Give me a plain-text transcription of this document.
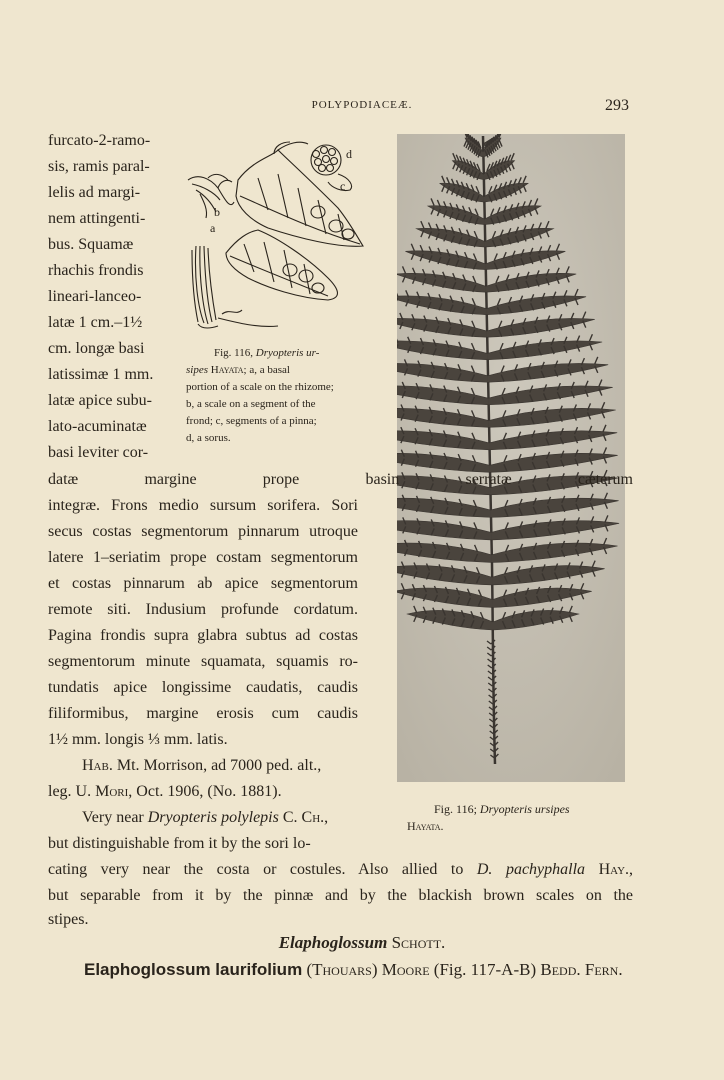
POLYPODIACEÆ.	293
furcato-2-ramo-
sis, ramis paral-
lelis ad margi-
nem attingenti-
bus. Squamæ
rhachis frondis
lineari-lanceo-
latæ 1 cm.–1½
cm. longæ basi
latissimæ 1 mm.
latæ apice subu-
lato-acuminatæ
basi leviter cor-
d
c
b
a
Fig. 116, Dryopteris ur-
sipes Hayata; a, a basal
portion of a scale on the rhizome;
b, a scale on a segment of the
frond; c, segments of a pinna;
d, a sorus.
datæ margine prope basin serratæ cæterum
integræ. Frons medio sursum sorifera. Sori
secus costas segmentorum pinnarum utroque
latere 1–seriatim prope costam segmentorum
et costas pinnarum ab apice segmentorum
remote siti. Indusium profunde cordatum.
Pagina frondis supra glabra subtus ad costas
segmentorum minute squamata, squamis ro-
tundatis apice longissime caudatis, caudis
filiformibus, margine erosis cum caudis
1½ mm. longis ⅓ mm. latis.
Hab. Mt. Morrison, ad 7000 ped. alt.,
leg. U. Mori, Oct. 1906, (No. 1881).
Very near Dryopteris polylepis C. Ch.,
but distinguishable from it by the sori lo-
Fig. 116; Dryopteris ursipes
Hayata.
cating very near the costa or costules. Also allied to D. pachyphalla Hay.,
but separable from it by the pinnæ and by the blackish brown scales on the
stipes.
Elaphoglossum Schott.
Elaphoglossum laurifolium (Thouars) Moore (Fig. 117-A-B) Bedd. Fern.
